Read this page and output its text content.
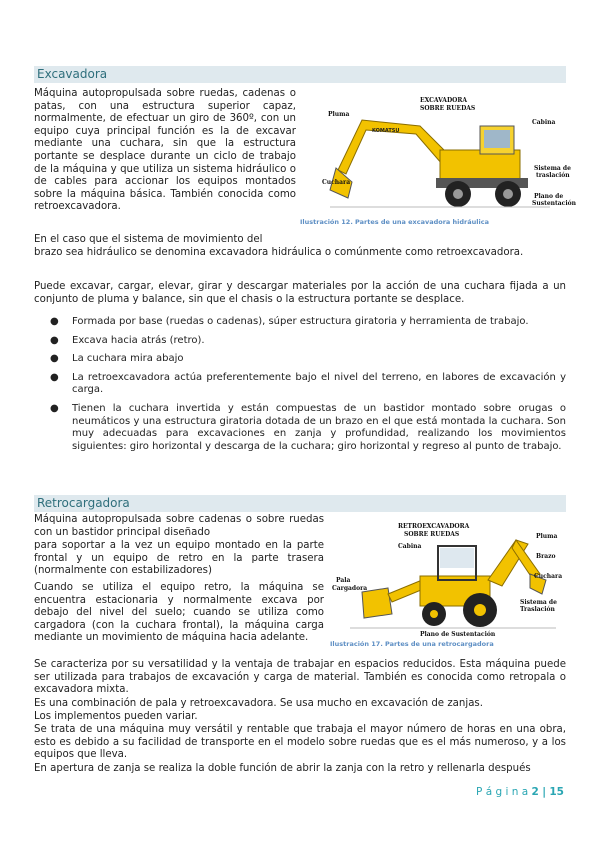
Excavadora

Máquina autopropulsada sobre ruedas, cadenas o patas, con una estructura superior capaz, normalmente, de efectuar un giro de 360º, con un equipo cuya principal función es la de excavar mediante una cuchara, sin que la estructura portante se desplace durante un ciclo de trabajo de la máquina y que utiliza un sistema hidráulico o de cables para accionar los equipos montados sobre la máquina básica. También conocida como retroexcavadora.

EXCAVADORA
SOBRE RUEDAS
KOMATSU
Pluma
Cabina
Cuchara
Sistema de
traslación
Plano de
Sustentación
Ilustración 12. Partes de una excavadora hidráulica

En el caso que el sistema de movimiento del

brazo sea hidráulico se denomina excavadora hidráulica o comúnmente como retroexcavadora.

Puede excavar, cargar, elevar, girar y descargar materiales por la acción de una cuchara fijada a un conjunto de pluma y balance, sin que el chasis o la estructura portante se desplace.

● Formada por base (ruedas o cadenas), súper estructura giratoria y herramienta de trabajo.
● Excava hacia atrás (retro).
● La cuchara mira abajo
● La retroexcavadora actúa preferentemente bajo el nivel del terreno, en labores de excavación y carga.
● Tienen la cuchara invertida y están compuestas de un bastidor montado sobre orugas o neumáticos y una estructura giratoria dotada de un brazo en el que está montada la cuchara. Son muy adecuadas para excavaciones en zanja y profundidad, realizando los movimientos siguientes: giro horizontal y descarga de la cuchara; giro horizontal y regreso al punto de trabajo.
Retrocargadora

Máquina autopropulsada sobre cadenas o sobre ruedas con un bastidor principal diseñado

para soportar a la vez un equipo montado en la parte frontal y un equipo de retro en la parte trasera (normalmente con estabilizadores)

Cuando se utiliza el equipo retro, la máquina se encuentra estacionaria y normalmente excava por debajo del nivel del suelo; cuando se utiliza como cargadora (con la cuchara frontal), la máquina carga mediante un movimiento de máquina hacia adelante.

RETROEXCAVADORA
SOBRE RUEDAS
Cabina
Pluma
Brazo
Cuchara
Pala
Cargadora
Sistema de
Traslación
Plano de Sustentación
Ilustración 17. Partes de una retrocargadora

Se caracteriza por su versatilidad y la ventaja de trabajar en espacios reducidos. Esta máquina puede ser utilizada para trabajos de excavación y carga de material. También es conocida como retropala o excavadora mixta.

Es una combinación de pala y retroexcavadora. Se usa mucho en excavación de zanjas.

Los implementos pueden variar.

Se trata de una máquina muy versátil y rentable que trabaja el mayor número de horas en una obra, esto es debido a su facilidad de transporte en el modelo sobre ruedas que es el más numeroso, y a los equipos que lleva.

En apertura de zanja se realiza la doble función de abrir la zanja con la retro y rellenarla después

P á g i n a 2 | 15
